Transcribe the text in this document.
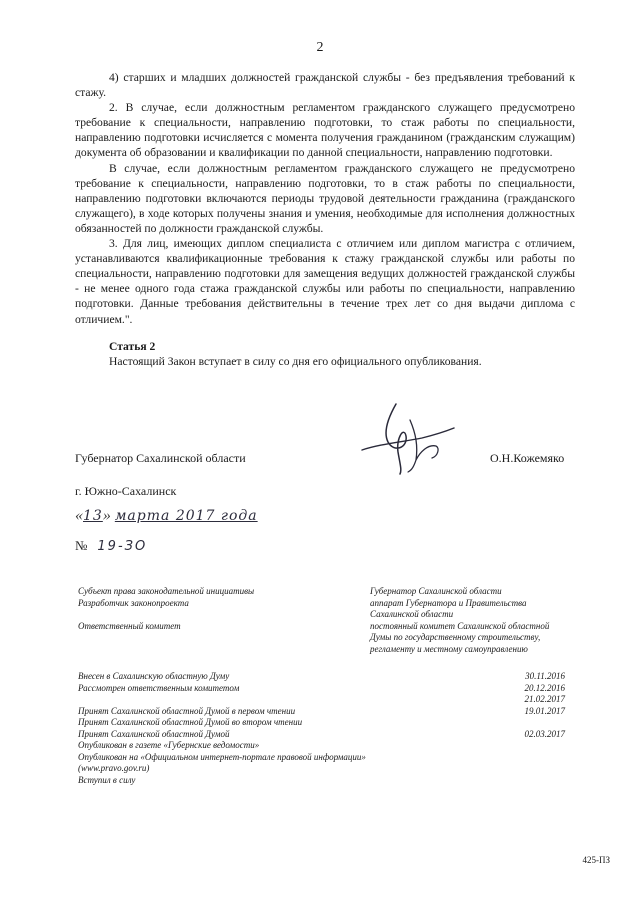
2

4) старших и младших должностей гражданской службы - без предъявления требований к стажу.

2. В случае, если должностным регламентом гражданского служащего предусмотрено требование к специальности, направлению подготовки, то стаж работы по специальности, направлению подготовки исчисляется с момента получения гражданином (гражданским служащим) документа об образовании и квалификации по данной специальности, направлению подготовки.

В случае, если должностным регламентом гражданского служащего не предусмотрено требование к специальности, направлению подготовки, то в стаж работы по специальности, направлению подготовки включаются периоды трудовой деятельности гражданина (гражданского служащего), в ходе которых получены знания и умения, необходимые для исполнения должностных обязанностей по должности гражданской службы.

3. Для лиц, имеющих диплом специалиста с отличием или диплом магистра с отличием, устанавливаются квалификационные требования к стажу гражданской службы или работы по специальности, направлению подготовки для замещения ведущих должностей гражданской службы - не менее одного года стажа гражданской службы или работы по специальности, направлению подготовки. Данные требования действительны в течение трех лет со дня выдачи диплома с отличием.".

Статья 2

Настоящий Закон вступает в силу со дня его официального опубликования.

Губернатор Сахалинской области	О.Н.Кожемяко
г. Южно-Сахалинск
«13» марта 2017 года
№ 19-ЗО
Субъект права законодательной инициативы
Разработчик законопроекта
Ответственный комитет
Губернатор Сахалинской области
аппарат Губернатора и Правительства Сахалинской области
постоянный комитет Сахалинской областной Думы по государственному строительству, регламенту и местному самоуправлению
Внесен в Сахалинскую областную Думу
Рассмотрен ответственным комитетом
Принят Сахалинской областной Думой в первом чтении
Принят Сахалинской областной Думой во втором чтении
Принят Сахалинской областной Думой
Опубликован в газете «Губернские ведомости»
Опубликован на «Официальном интернет-портале правовой информации» (www.pravo.gov.ru)
Вступил в силу
30.11.2016
20.12.2016
21.02.2017
19.01.2017
02.03.2017
425-ПЗ
